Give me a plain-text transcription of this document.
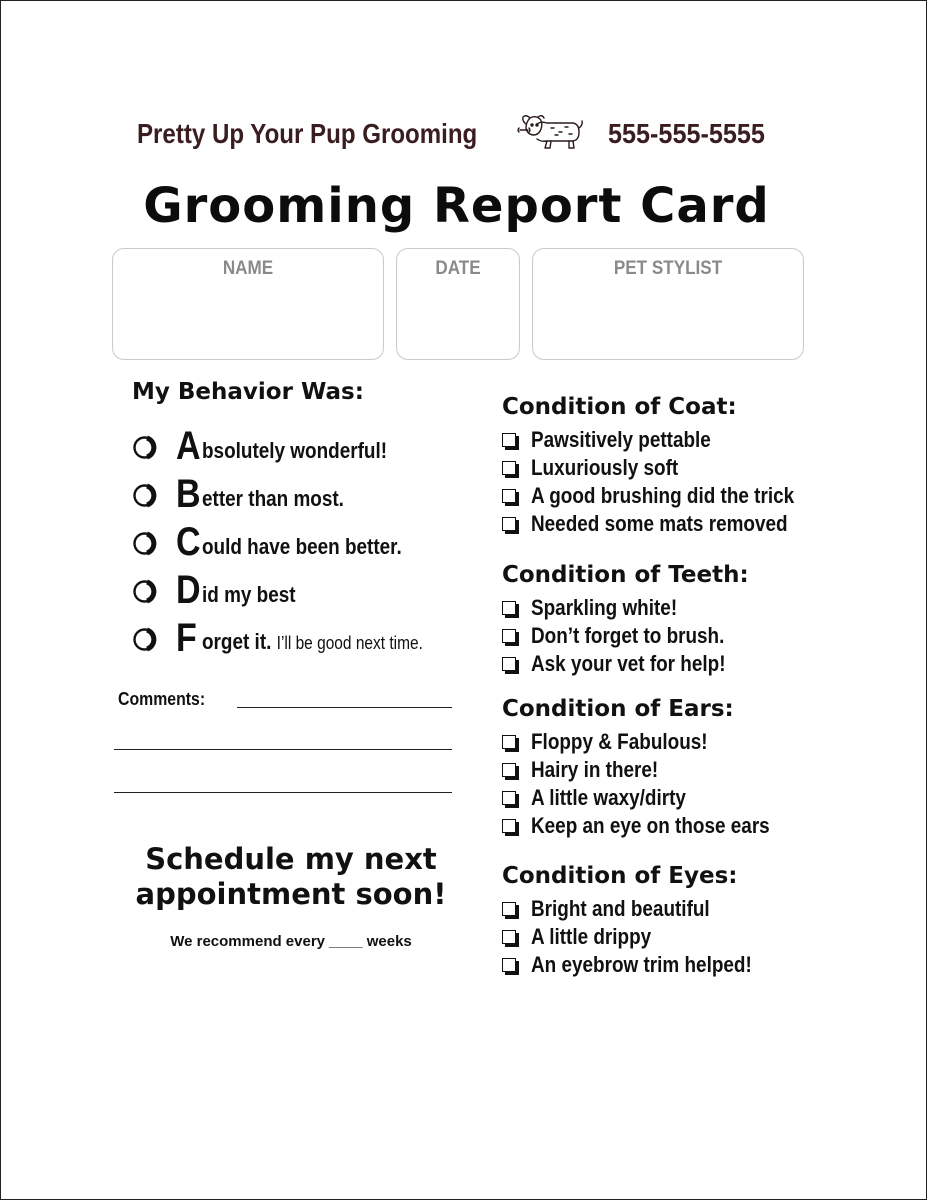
Pretty Up Your Pup Grooming	555-555-5555
Grooming Report Card
NAME	DATE	PET STYLIST
My Behavior Was:
A bsolutely wonderful!
B etter than most.
C ould have been better.
D id my best
F orget it. I’ll be good next time.
Comments:
Schedule my next
appointment soon!
We recommend every ____ weeks
Condition of Coat:
Pawsitively pettable
Luxuriously soft
A good brushing did the trick
Needed some mats removed
Condition of Teeth:
Sparkling white!
Don’t forget to brush.
Ask your vet for help!
Condition of Ears:
Floppy & Fabulous!
Hairy in there!
A little waxy/dirty
Keep an eye on those ears
Condition of Eyes:
Bright and beautiful
A little drippy
An eyebrow trim helped!
